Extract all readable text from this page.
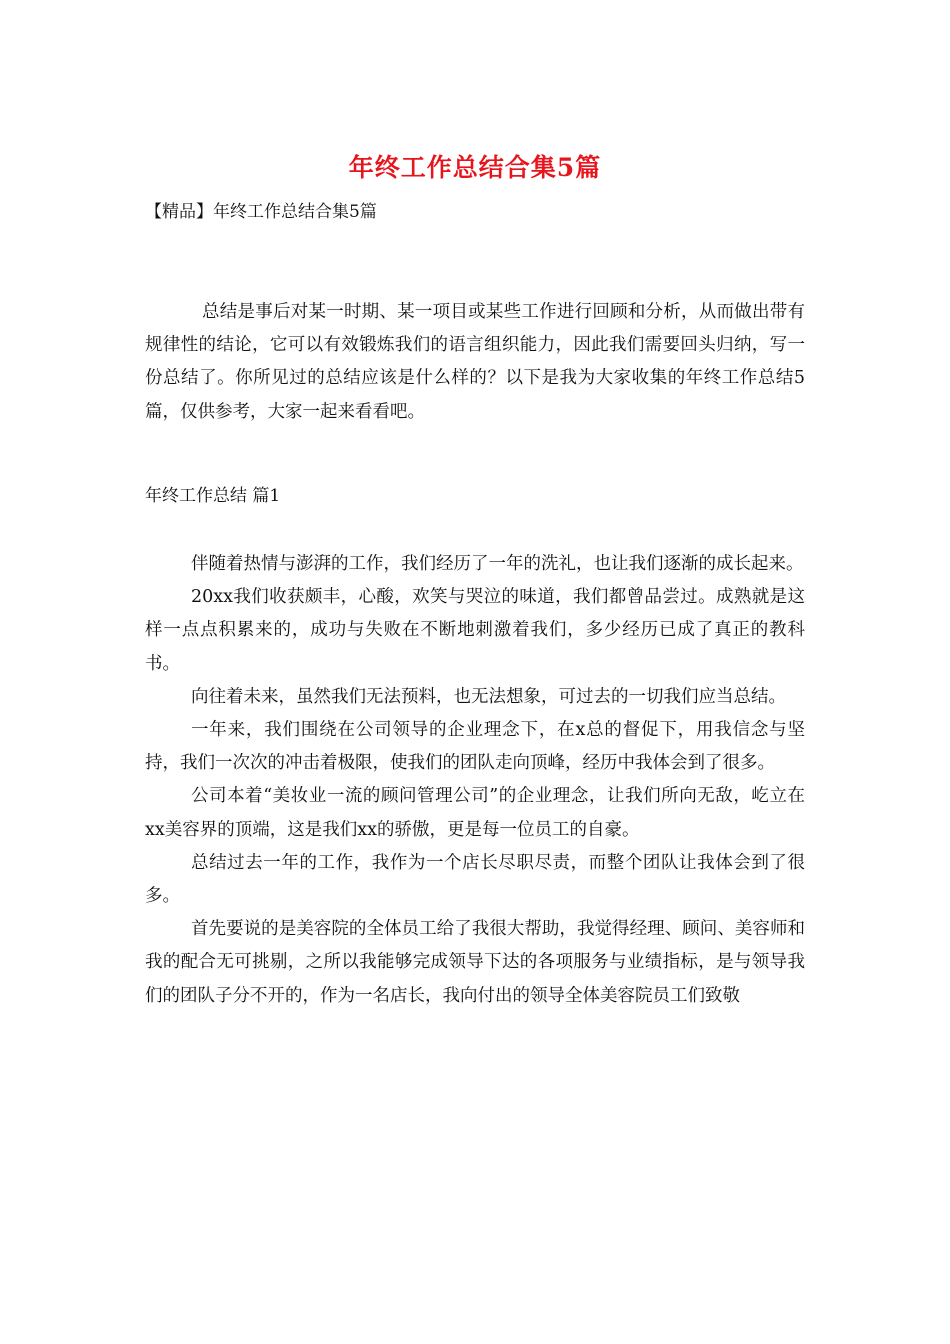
年终工作总结合集5篇
【精品】年终工作总结合集5篇

总结是事后对某一时期、某一项目或某些工作进行回顾和分析，从而做出带有规律性的结论，它可以有效锻炼我们的语言组织能力，因此我们需要回头归纳，写一份总结了。你所见过的总结应该是什么样的？以下是我为大家收集的年终工作总结5篇，仅供参考，大家一起来看看吧。

年终工作总结 篇1

伴随着热情与澎湃的工作，我们经历了一年的洗礼，也让我们逐渐的成长起来。

20xx我们收获颇丰，心酸，欢笑与哭泣的味道，我们都曾品尝过。成熟就是这样一点点积累来的，成功与失败在不断地刺激着我们，多少经历已成了真正的教科书。

向往着未来，虽然我们无法预料，也无法想象，可过去的一切我们应当总结。

一年来，我们围绕在公司领导的企业理念下，在x总的督促下，用我信念与坚持，我们一次次的冲击着极限，使我们的团队走向顶峰，经历中我体会到了很多。

公司本着“美妆业一流的顾问管理公司”的企业理念，让我们所向无敌，屹立在xx美容界的顶端，这是我们xx的骄傲，更是每一位员工的自豪。

总结过去一年的工作，我作为一个店长尽职尽责，而整个团队让我体会到了很多。

首先要说的是美容院的全体员工给了我很大帮助，我觉得经理、顾问、美容师和我的配合无可挑剔，之所以我能够完成领导下达的各项服务与业绩指标，是与领导我们的团队子分不开的，作为一名店长，我向付出的领导全体美容院员工们致敬
